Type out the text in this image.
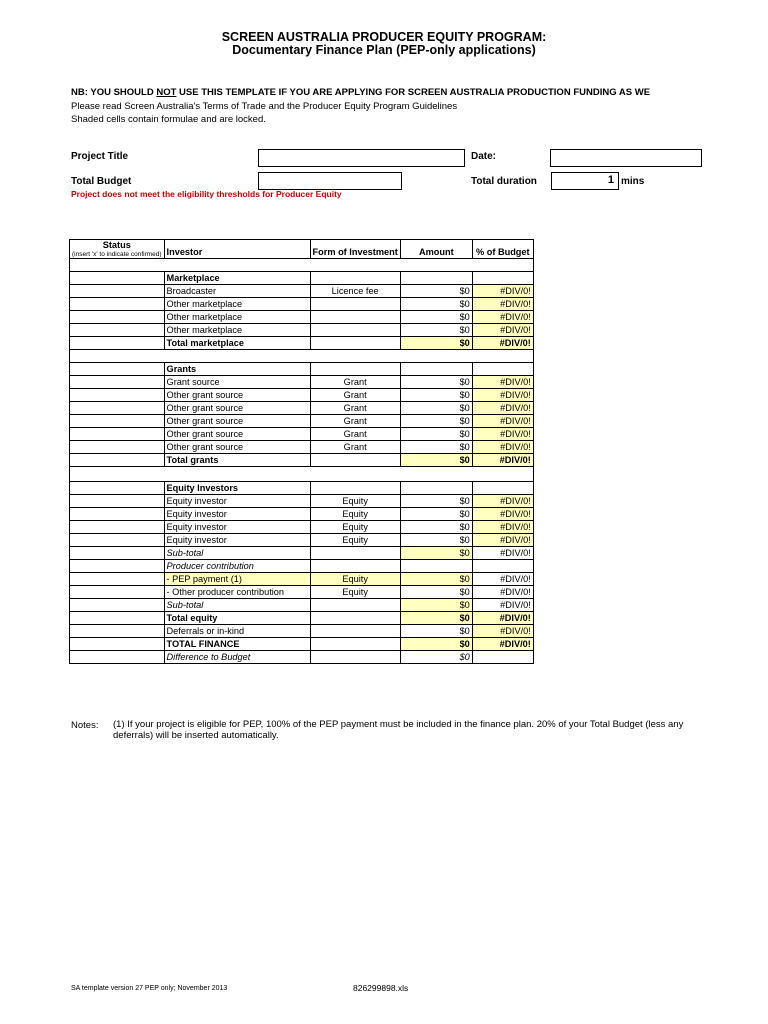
SCREEN AUSTRALIA PRODUCER EQUITY PROGRAM:
Documentary Finance Plan (PEP-only applications)
NB: YOU SHOULD NOT USE THIS TEMPLATE IF YOU ARE APPLYING FOR SCREEN AUSTRALIA PRODUCTION FUNDING AS WE
Please read Screen Australia's Terms of Trade and the Producer Equity Program Guidelines
Shaded cells contain formulae and are locked.
Project Title	Date:
Total Budget	Total duration	1 mins
Project does not meet the eligibility thresholds for Producer Equity
Status
(insert 'x' to indicate confirmed)	Investor	Form of Investment	Amount	% of Budget

	Marketplace			
	Broadcaster	Licence fee	$0	#DIV/0!
	Other marketplace		$0	#DIV/0!
	Other marketplace		$0	#DIV/0!
	Other marketplace		$0	#DIV/0!
	Total marketplace		$0	#DIV/0!

	Grants			
	Grant source	Grant	$0	#DIV/0!
	Other grant source	Grant	$0	#DIV/0!
	Other grant source	Grant	$0	#DIV/0!
	Other grant source	Grant	$0	#DIV/0!
	Other grant source	Grant	$0	#DIV/0!
	Other grant source	Grant	$0	#DIV/0!
	Total grants		$0	#DIV/0!

	Equity Investors			
	Equity investor	Equity	$0	#DIV/0!
	Equity investor	Equity	$0	#DIV/0!
	Equity investor	Equity	$0	#DIV/0!
	Equity investor	Equity	$0	#DIV/0!
	Sub-total		$0	#DIV/0!
	Producer contribution			
	- PEP payment (1)	Equity	$0	#DIV/0!
	- Other producer contribution	Equity	$0	#DIV/0!
	Sub-total		$0	#DIV/0!
	Total equity		$0	#DIV/0!
	Deferrals or in-kind		$0	#DIV/0!
	TOTAL FINANCE		$0	#DIV/0!
	Difference to Budget		$0	
Notes: (1) If your project is eligible for PEP, 100% of the PEP payment must be included in the finance plan. 20% of your Total Budget (less any deferrals) will be inserted automatically.
SA template version 27 PEP only; November 2013	826299898.xls
